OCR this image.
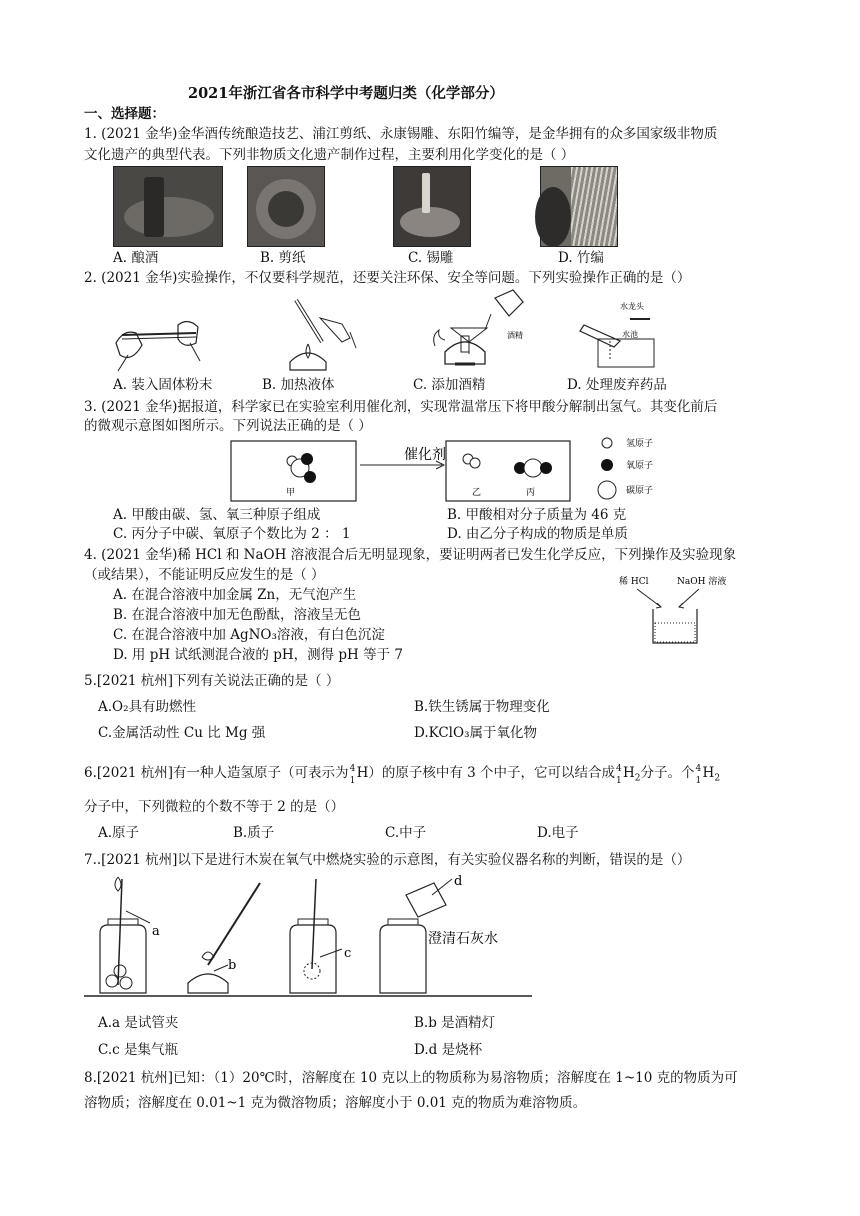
2021年浙江省各市科学中考题归类（化学部分）
一、选择题：
1. (2021 金华)金华酒传统酿造技艺、浦江剪纸、永康锡雕、东阳竹编等，是金华拥有的众多国家级非物质
文化遗产的典型代表。下列非物质文化遗产制作过程，主要利用化学变化的是（ ）
A. 酿酒	B. 剪纸	C. 锡雕	D. 竹编
2. (2021 金华)实验操作，不仅要科学规范，还要关注环保、安全等问题。下列实验操作正确的是（）
酒精
水龙头
水池
A. 装入固体粉末	B. 加热液体	C. 添加酒精	D. 处理废弃药品
3. (2021 金华)据报道，科学家已在实验室利用催化剂，实现常温常压下将甲酸分解制出氢气。其变化前后
的微观示意图如图所示。下列说法正确的是（ ）
甲
催化剂
乙	丙
氢原子
氧原子
碳原子
A. 甲酸由碳、氢、氧三种原子组成	B. 甲酸相对分子质量为 46 克
C. 丙分子中碳、氧原子个数比为 2 ： 1	D. 由乙分子构成的物质是单质
4. (2021 金华)稀 HCl 和 NaOH 溶液混合后无明显现象，要证明两者已发生化学反应，下列操作及实验现象
（或结果），不能证明反应发生的是（ ）
A. 在混合溶液中加金属 Zn，无气泡产生
B. 在混合溶液中加无色酚酞，溶液呈无色
C. 在混合溶液中加 AgNO₃溶液，有白色沉淀
D. 用 pH 试纸测混合液的 pH，测得 pH 等于 7
稀 HCl	NaOH 溶液
5.[2021 杭州]下列有关说法正确的是（ ）
A.O₂具有助燃性	B.铁生锈属于物理变化
C.金属活动性 Cu 比 Mg 强	D.KClO₃属于氧化物
6.[2021 杭州]有一种人造氢原子（可表示为 4
1 H）的原子核中有 3 个中子，它可以结合成 4
1 $H_2$分子。个 4
1 $H_2$
分子中，下列微粒的个数不等于 2 的是（）
A.原子	B.质子	C.中子	D.电子
7..[2021 杭州]以下是进行木炭在氧气中燃烧实验的示意图，有关实验仪器名称的判断，错误的是（）
a
b
c
d
澄清石灰水
A.a 是试管夹	B.b 是酒精灯
C.c 是集气瓶	D.d 是烧杯
8.[2021 杭州]已知：（1）20℃时，溶解度在 10 克以上的物质称为易溶物质；溶解度在 1~10 克的物质为可
溶物质；溶解度在 0.01~1 克为微溶物质；溶解度小于 0.01 克的物质为难溶物质。
